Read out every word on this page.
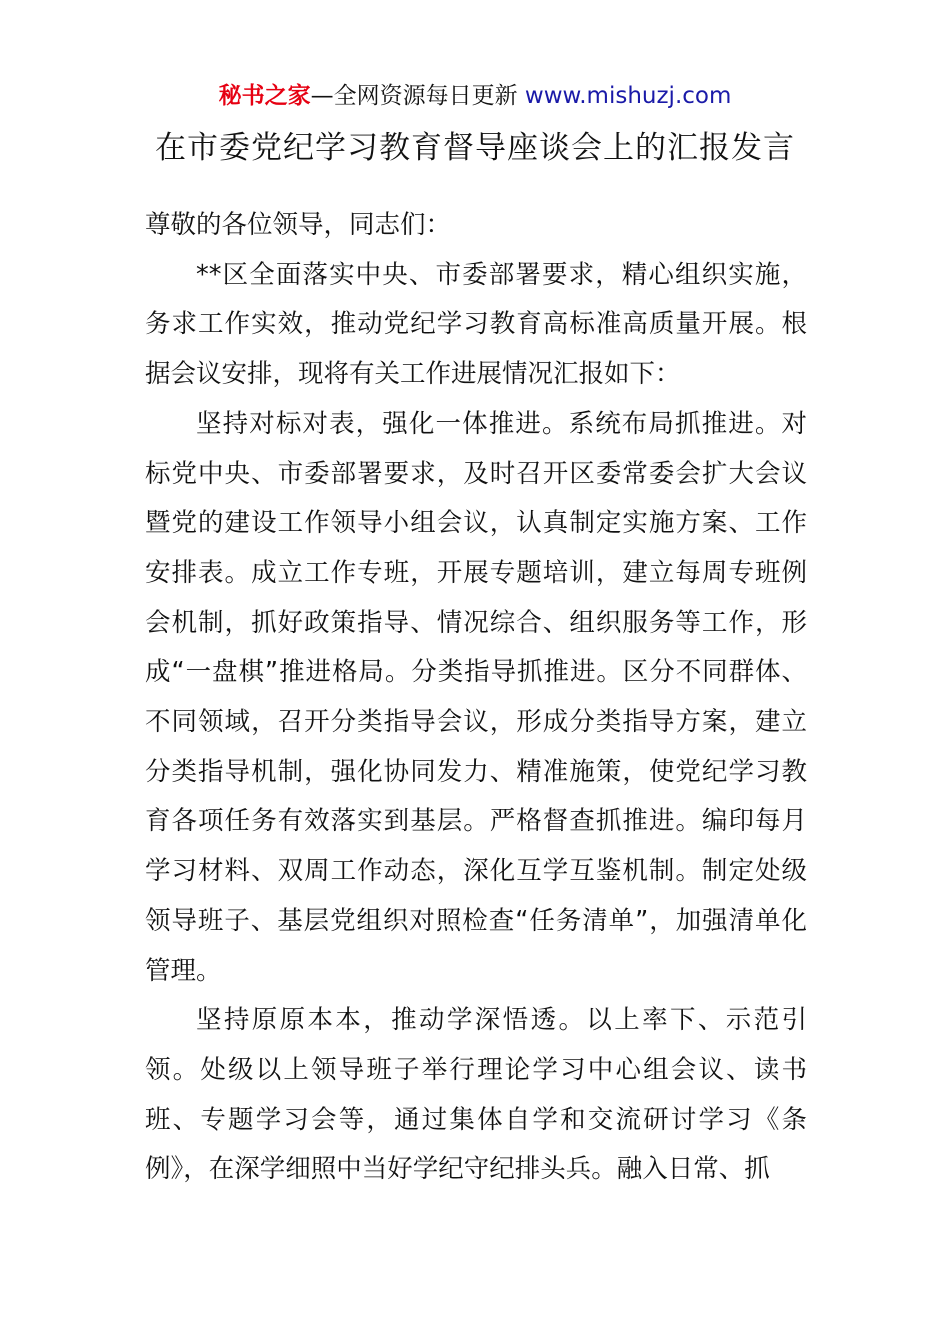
秘书之家—全网资源每日更新 www.mishuzj.com
在市委党纪学习教育督导座谈会上的汇报发言

尊敬的各位领导，同志们：

**区全面落实中央、市委部署要求，精心组织实施，务求工作实效，推动党纪学习教育高标准高质量开展。根据会议安排，现将有关工作进展情况汇报如下：

坚持对标对表，强化一体推进。系统布局抓推进。对标党中央、市委部署要求，及时召开区委常委会扩大会议暨党的建设工作领导小组会议，认真制定实施方案、工作安排表。成立工作专班，开展专题培训，建立每周专班例会机制，抓好政策指导、情况综合、组织服务等工作，形成“一盘棋”推进格局。分类指导抓推进。区分不同群体、不同领域，召开分类指导会议，形成分类指导方案，建立分类指导机制，强化协同发力、精准施策，使党纪学习教育各项任务有效落实到基层。严格督查抓推进。编印每月学习材料、双周工作动态，深化互学互鉴机制。制定处级领导班子、基层党组织对照检查“任务清单”，加强清单化管理。

坚持原原本本，推动学深悟透。以上率下、示范引领。处级以上领导班子举行理论学习中心组会议、读书班、专题学习会等，通过集体自学和交流研讨学习《条例》，在深学细照中当好学纪守纪排头兵。融入日常、抓
